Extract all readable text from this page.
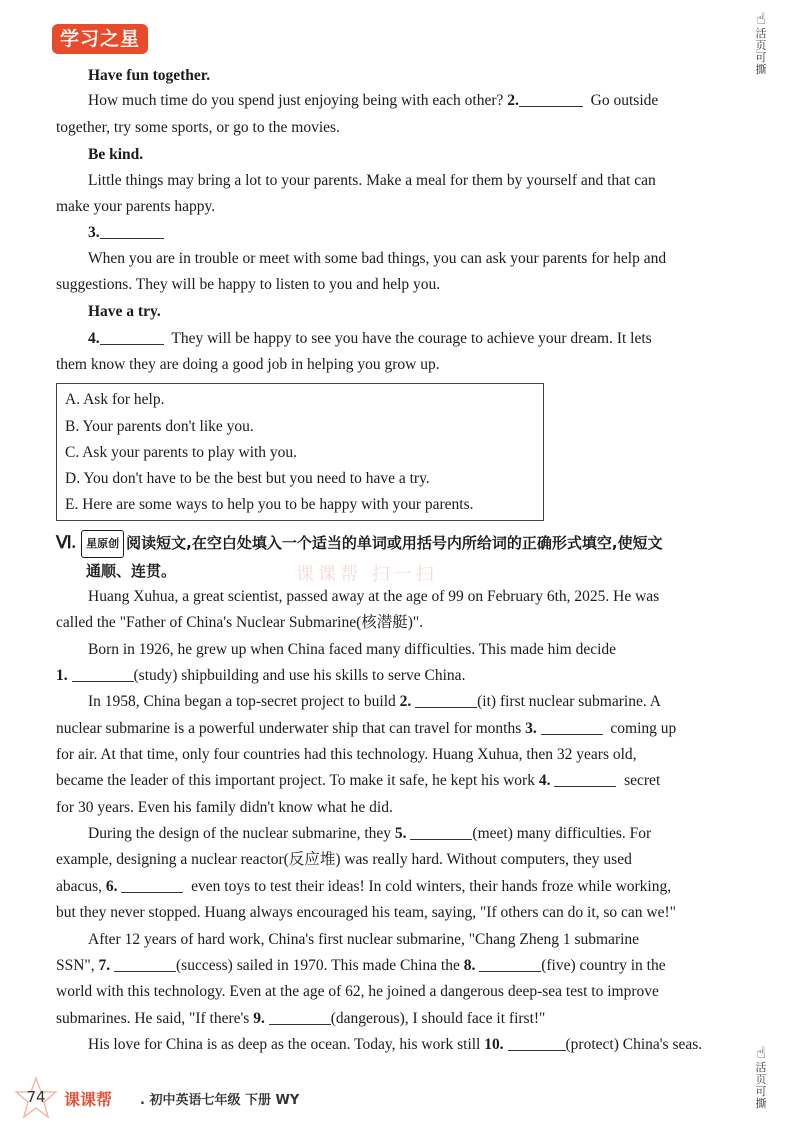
学习之星
☝
活页可撕
☝
活页可撕
Have fun together.
How much time do you spend just enjoying being with each other? 2.	Go outside
together, try some sports, or go to the movies.
Be kind.
Little things may bring a lot to your parents. Make a meal for them by yourself and that can
make your parents happy.
3.
When you are in trouble or meet with some bad things, you can ask your parents for help and
suggestions. They will be happy to listen to you and help you.
Have a try.
4.	They will be happy to see you have the courage to achieve your dream. It lets
them know they are doing a good job in helping you grow up.
A. Ask for help.
B. Your parents don't like you.
C. Ask your parents to play with you.
D. You don't have to be the best but you need to have a try.
E. Here are some ways to help you to be happy with your parents.
Ⅵ. 星原创 阅读短文,在空白处填入一个适当的单词或用括号内所给词的正确形式填空,使短文
通顺、连贯。	课课帮 扫一扫
Huang Xuhua, a great scientist, passed away at the age of 99 on February 6th, 2025. He was
called the "Father of China's Nuclear Submarine(核潜艇)".
Born in 1926, he grew up when China faced many difficulties. This made him decide
1.	(study) shipbuilding and use his skills to serve China.
In 1958, China began a top-secret project to build 2.	(it) first nuclear submarine. A
nuclear submarine is a powerful underwater ship that can travel for months 3.	coming up
for air. At that time, only four countries had this technology. Huang Xuhua, then 32 years old,
became the leader of this important project. To make it safe, he kept his work 4.	secret
for 30 years. Even his family didn't know what he did.
During the design of the nuclear submarine, they 5.	(meet) many difficulties. For
example, designing a nuclear reactor(反应堆) was really hard. Without computers, they used
abacus, 6.	even toys to test their ideas! In cold winters, their hands froze while working,
but they never stopped. Huang always encouraged his team, saying, "If others can do it, so can we!"
After 12 years of hard work, China's first nuclear submarine, "Chang Zheng 1 submarine
SSN", 7.	(success) sailed in 1970. This made China the 8.	(five) country in the
world with this technology. Even at the age of 62, he joined a dangerous deep-sea test to improve
submarines. He said, "If there's 9.	(dangerous), I should face it first!"
His love for China is as deep as the ocean. Today, his work still 10.	(protect) China's seas.
74	课课帮 . 初中英语七年级 下册 WY
